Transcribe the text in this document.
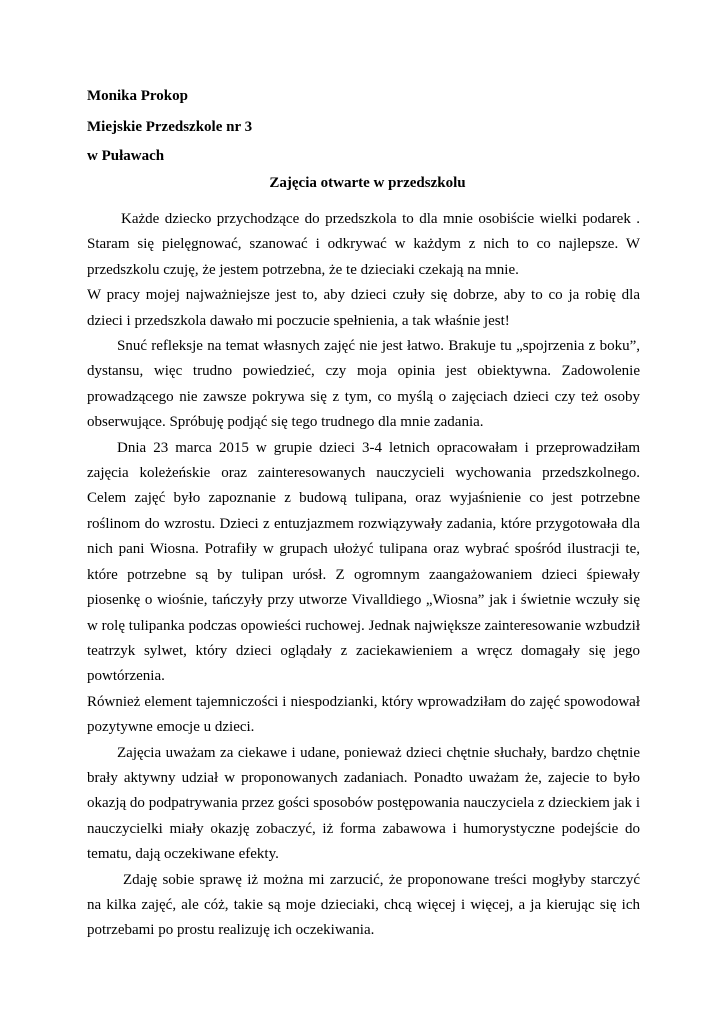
Monika Prokop
Miejskie Przedszkole nr 3
w Puławach
Zajęcia otwarte w przedszkolu

Każde dziecko przychodzące do przedszkola to dla mnie osobiście wielki podarek . Staram się pielęgnować, szanować i odkrywać w każdym z nich to co najlepsze. W przedszkolu czuję, że jestem potrzebna, że te dzieciaki czekają na mnie.

W pracy mojej najważniejsze jest to, aby dzieci czuły się dobrze, aby to co ja robię dla dzieci i przedszkola dawało mi poczucie spełnienia, a tak właśnie jest!

Snuć refleksje na temat własnych zajęć nie jest łatwo. Brakuje tu „spojrzenia z boku”, dystansu, więc trudno powiedzieć, czy moja opinia jest obiektywna. Zadowolenie prowadzącego nie zawsze pokrywa się z tym, co myślą o zajęciach dzieci czy też osoby obserwujące. Spróbuję podjąć się tego trudnego dla mnie zadania.

Dnia 23 marca 2015 w grupie dzieci 3-4 letnich opracowałam i przeprowadziłam zajęcia koleżeńskie oraz zainteresowanych nauczycieli wychowania przedszkolnego. Celem zajęć było zapoznanie z budową tulipana, oraz wyjaśnienie co jest potrzebne roślinom do wzrostu. Dzieci z entuzjazmem rozwiązywały zadania, które przygotowała dla nich pani Wiosna. Potrafiły w grupach ułożyć tulipana oraz wybrać spośród ilustracji te, które potrzebne są by tulipan urósł. Z ogromnym zaangażowaniem dzieci śpiewały piosenkę o wiośnie, tańczyły przy utworze Vivalldiego „Wiosna” jak i świetnie wczuły się w rolę tulipanka podczas opowieści ruchowej. Jednak największe zainteresowanie wzbudził teatrzyk sylwet, który dzieci oglądały z zaciekawieniem a wręcz domagały się jego powtórzenia.

Również element tajemniczości i niespodzianki, który wprowadziłam do zajęć spowodował pozytywne emocje u dzieci.

Zajęcia uważam za ciekawe i udane, ponieważ dzieci chętnie słuchały, bardzo chętnie brały aktywny udział w proponowanych zadaniach. Ponadto uważam że, zajecie to było okazją do podpatrywania przez gości sposobów postępowania nauczyciela z dzieckiem jak i nauczycielki miały okazję zobaczyć, iż forma zabawowa i humorystyczne podejście do tematu, dają oczekiwane efekty.

Zdaję sobie sprawę iż można mi zarzucić, że proponowane treści mogłyby starczyć na kilka zajęć, ale cóż, takie są moje dzieciaki, chcą więcej i więcej, a ja kierując się ich potrzebami po prostu realizuję ich oczekiwania.
